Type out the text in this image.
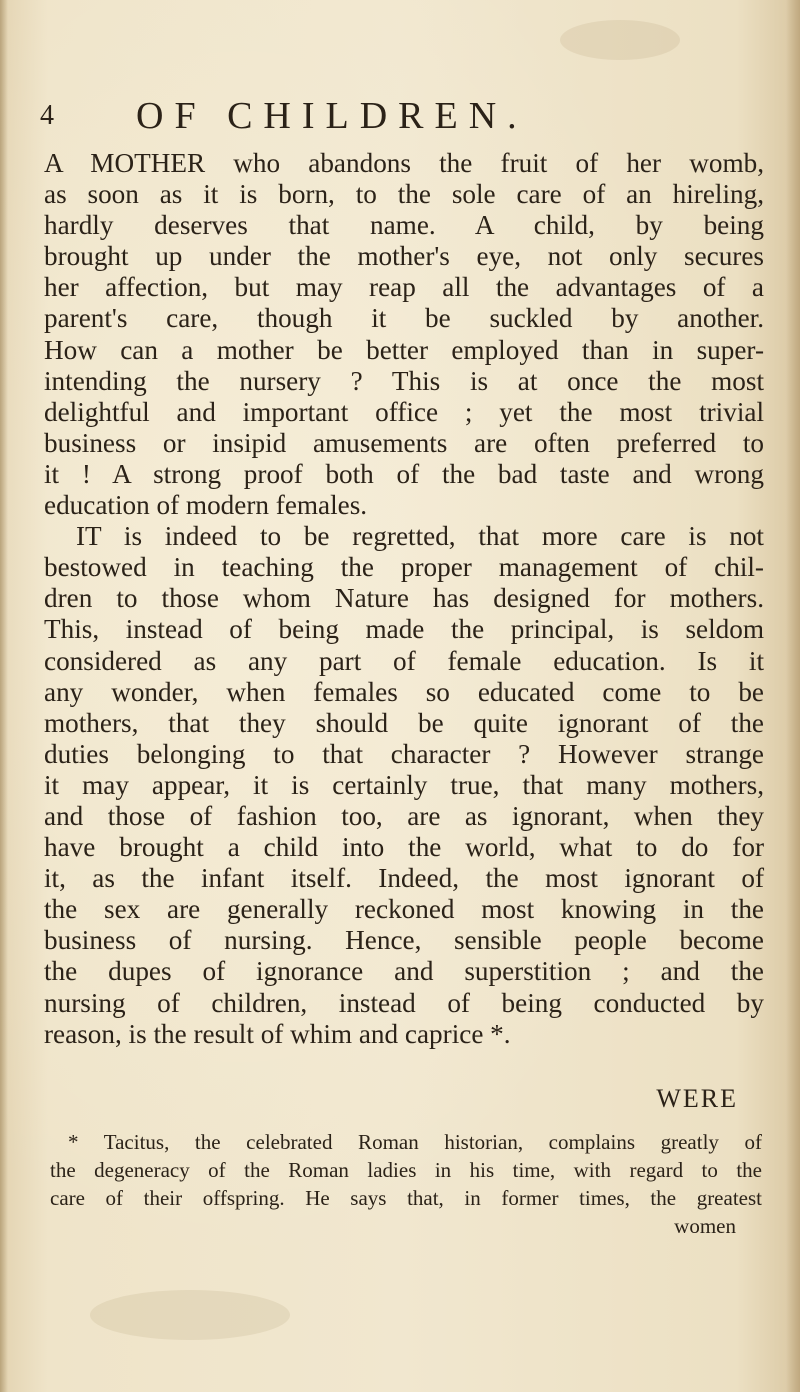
4 OF CHILDREN.
A MOTHER who abandons the fruit of her womb,
as soon as it is born, to the sole care of an hireling,
hardly deserves that name. A child, by being
brought up under the mother's eye, not only secures
her affection, but may reap all the advantages of a
parent's care, though it be suckled by another.
How can a mother be better employed than in super-
intending the nursery ? This is at once the most
delightful and important office ; yet the most trivial
business or insipid amusements are often preferred to
it ! A strong proof both of the bad taste and wrong
education of modern females.
IT is indeed to be regretted, that more care is not
bestowed in teaching the proper management of chil-
dren to those whom Nature has designed for mothers.
This, instead of being made the principal, is seldom
considered as any part of female education. Is it
any wonder, when females so educated come to be
mothers, that they should be quite ignorant of the
duties belonging to that character ? However strange
it may appear, it is certainly true, that many mothers,
and those of fashion too, are as ignorant, when they
have brought a child into the world, what to do for
it, as the infant itself. Indeed, the most ignorant of
the sex are generally reckoned most knowing in the
business of nursing. Hence, sensible people become
the dupes of ignorance and superstition ; and the
nursing of children, instead of being conducted by
reason, is the result of whim and caprice *.
WERE
* Tacitus, the celebrated Roman historian, complains greatly of
the degeneracy of the Roman ladies in his time, with regard to the
care of their offspring. He says that, in former times, the greatest
women
